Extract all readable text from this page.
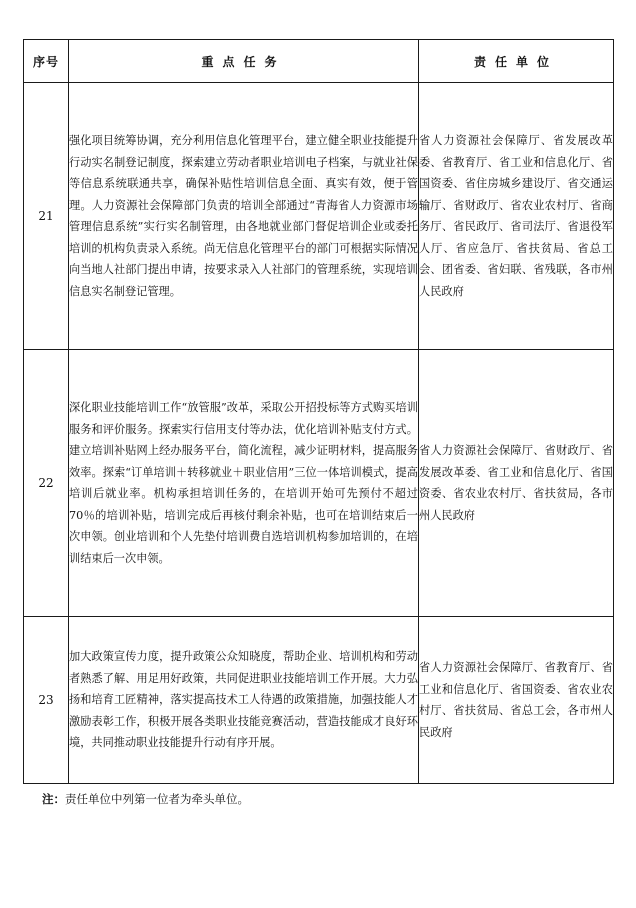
序号	重点任务	责任单位
21	强化项目统筹协调，充分利用信息化管理平台，建立健全职业技能提升行动实名制登记制度，探索建立劳动者职业培训电子档案，与就业社保等信息系统联通共享，确保补贴性培训信息全面、真实有效，便于管理。人力资源社会保障部门负责的培训全部通过“青海省人力资源市场管理信息系统”实行实名制管理，由各地就业部门督促培训企业或委托培训的机构负责录入系统。尚无信息化管理平台的部门可根据实际情况向当地人社部门提出申请，按要求录入人社部门的管理系统，实现培训信息实名制登记管理。	省人力资源社会保障厅、省发展改革委、省教育厅、省工业和信息化厅、省国资委、省住房城乡建设厅、省交通运输厅、省财政厅、省农业农村厅、省商务厅、省民政厅、省司法厅、省退役军人厅、省应急厅、省扶贫局、省总工会、团省委、省妇联、省残联，各市州人民政府
22	深化职业技能培训工作“放管服”改革，采取公开招投标等方式购买培训服务和评价服务。探索实行信用支付等办法，优化培训补贴支付方式。建立培训补贴网上经办服务平台，简化流程，减少证明材料，提高服务效率。探索“订单培训＋转移就业＋职业信用”三位一体培训模式，提高培训后就业率。机构承担培训任务的，在培训开始可先预付不超过70％的培训补贴，培训完成后再核付剩余补贴，也可在培训结束后一次申领。创业培训和个人先垫付培训费自选培训机构参加培训的，在培训结束后一次申领。	省人力资源社会保障厅、省财政厅、省发展改革委、省工业和信息化厅、省国资委、省农业农村厅、省扶贫局，各市州人民政府
23	加大政策宣传力度，提升政策公众知晓度，帮助企业、培训机构和劳动者熟悉了解、用足用好政策，共同促进职业技能培训工作开展。大力弘扬和培育工匠精神，落实提高技术工人待遇的政策措施，加强技能人才激励表彰工作，积极开展各类职业技能竞赛活动，营造技能成才良好环境，共同推动职业技能提升行动有序开展。	省人力资源社会保障厅、省教育厅、省工业和信息化厅、省国资委、省农业农村厅、省扶贫局、省总工会，各市州人民政府
注：责任单位中列第一位者为牵头单位。
